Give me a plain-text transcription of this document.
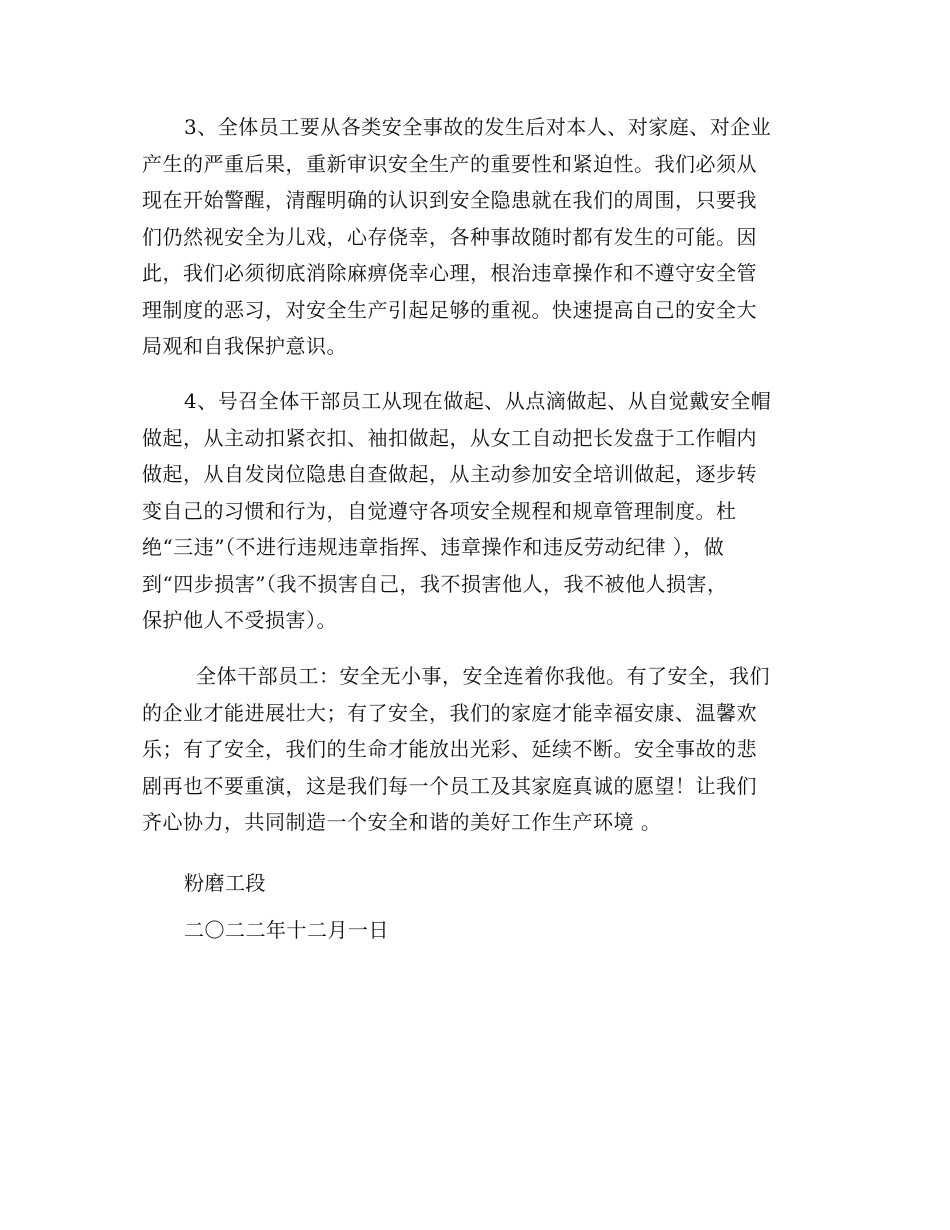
3、全体员工要从各类安全事故的发生后对本人、对家庭、对企业
产生的严重后果，重新审识安全生产的重要性和紧迫性。我们必须从
现在开始警醒，清醒明确的认识到安全隐患就在我们的周围，只要我
们仍然视安全为儿戏，心存侥幸，各种事故随时都有发生的可能。因
此，我们必须彻底消除麻痹侥幸心理，根治违章操作和不遵守安全管
理制度的恶习，对安全生产引起足够的重视。快速提高自己的安全大
局观和自我保护意识。
4、号召全体干部员工从现在做起、从点滴做起、从自觉戴安全帽
做起，从主动扣紧衣扣、袖扣做起，从女工自动把长发盘于工作帽内
做起，从自发岗位隐患自查做起，从主动参加安全培训做起，逐步转
变自己的习惯和行为，自觉遵守各项安全规程和规章管理制度。杜
绝“三违”（不进行违规违章指挥、违章操作和违反劳动纪律 ），做
到“四步损害”（我不损害自己，我不损害他人，我不被他人损害，
保护他人不受损害）。
全体干部员工：安全无小事，安全连着你我他。有了安全，我们
的企业才能进展壮大；有了安全，我们的家庭才能幸福安康、温馨欢
乐；有了安全，我们的生命才能放出光彩、延续不断。安全事故的悲
剧再也不要重演，这是我们每一个员工及其家庭真诚的愿望！让我们
齐心协力，共同制造一个安全和谐的美好工作生产环境 。
粉磨工段
二〇二二年十二月一日
